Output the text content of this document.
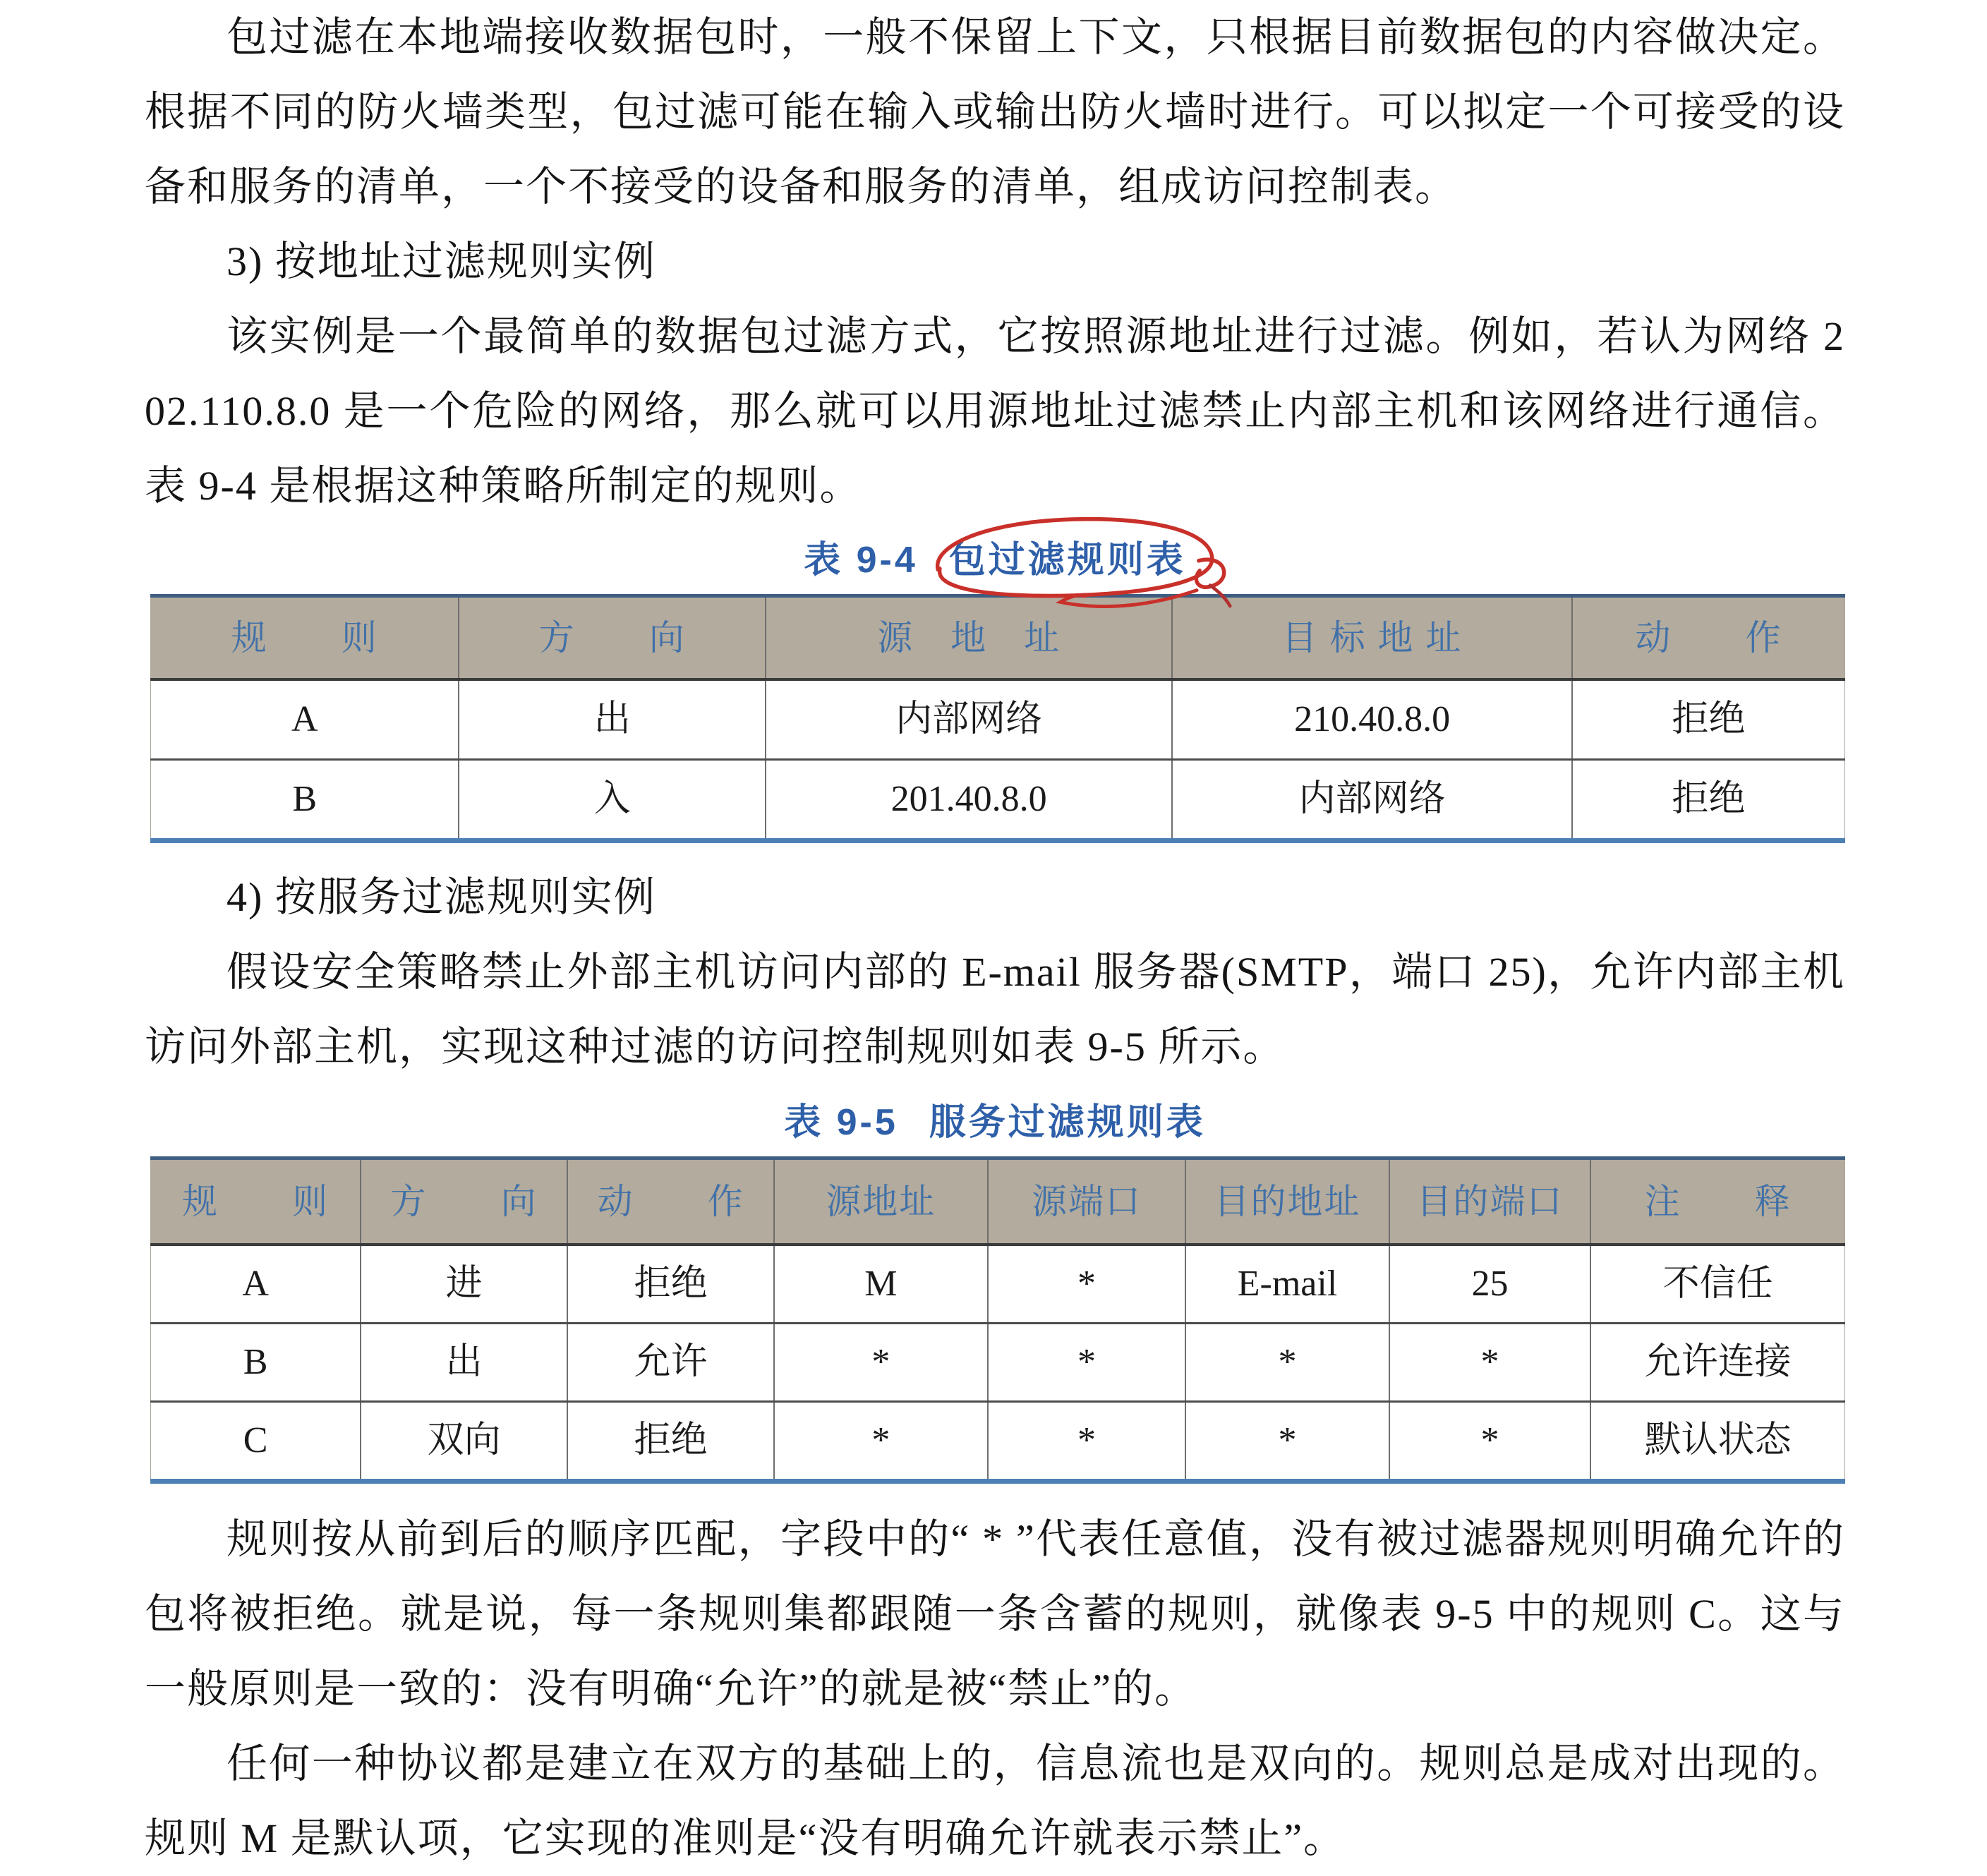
包过滤在本地端接收数据包时，一般不保留上下文，只根据目前数据包的内容做决定。根据不同的防火墙类型，包过滤可能在输入或输出防火墙时进行。可以拟定一个可接受的设备和服务的清单，一个不接受的设备和服务的清单，组成访问控制表。

3) 按地址过滤规则实例

该实例是一个最简单的数据包过滤方式，它按照源地址进行过滤。例如，若认为网络 202.110.8.0 是一个危险的网络，那么就可以用源地址过滤禁止内部主机和该网络进行通信。表 9-4 是根据这种策略所制定的规则。

表 9-4 包过滤规则表
规　　则	方　　向	源　地　址	目 标 地 址	动　　作
A	出	内部网络	210.40.8.0	拒绝
B	入	201.40.8.0	内部网络	拒绝

4) 按服务过滤规则实例

假设安全策略禁止外部主机访问内部的 E-mail 服务器(SMTP，端口 25)，允许内部主机访问外部主机，实现这种过滤的访问控制规则如表 9-5 所示。

表 9-5 服务过滤规则表
规　　则	方　　向	动　　作	源地址	源端口	目的地址	目的端口	注　　释
A	进	拒绝	M	*	E-mail	25	不信任
B	出	允许	*	*	*	*	允许连接
C	双向	拒绝	*	*	*	*	默认状态

规则按从前到后的顺序匹配，字段中的“ * ”代表任意值，没有被过滤器规则明确允许的包将被拒绝。就是说，每一条规则集都跟随一条含蓄的规则，就像表 9-5 中的规则 C。这与一般原则是一致的：没有明确“允许”的就是被“禁止”的。

任何一种协议都是建立在双方的基础上的，信息流也是双向的。规则总是成对出现的。规则 M 是默认项，它实现的准则是“没有明确允许就表示禁止”。
